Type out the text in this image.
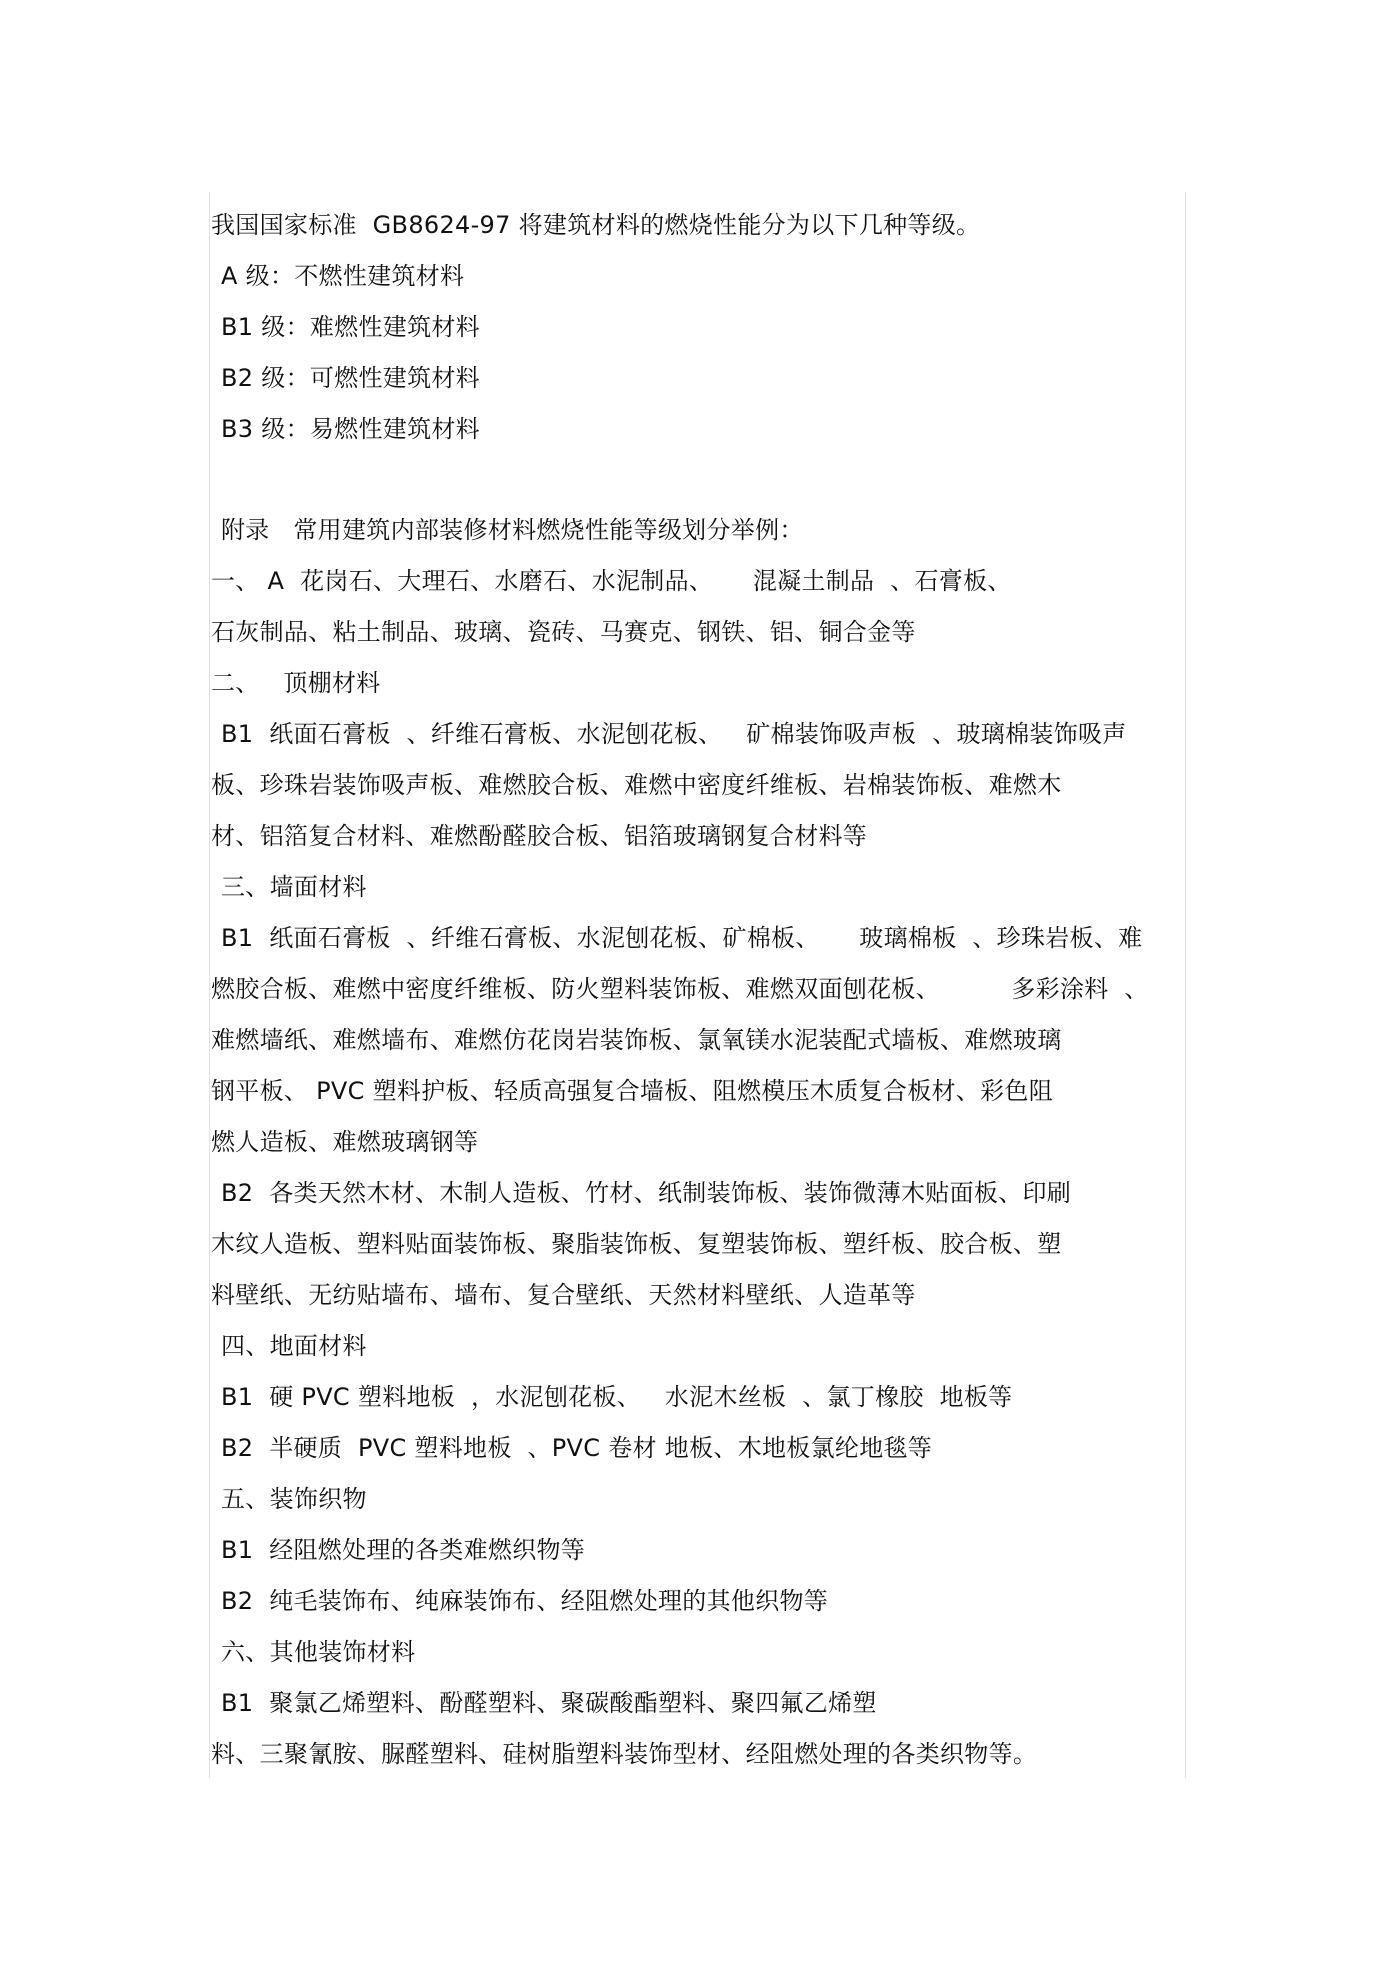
我国国家标准  GB8624-97 将建筑材料的燃烧性能分为以下几种等级。
A 级：不燃性建筑材料
B1 级：难燃性建筑材料
B2 级：可燃性建筑材料
B3 级：易燃性建筑材料
附录   常用建筑内部装修材料燃烧性能等级划分举例：
一、 A  花岗石、大理石、水磨石、水泥制品、     混凝土制品  、石膏板、
石灰制品、粘土制品、玻璃、瓷砖、马赛克、钢铁、铝、铜合金等
二、   顶棚材料
B1  纸面石膏板  、纤维石膏板、水泥刨花板、   矿棉装饰吸声板  、玻璃棉装饰吸声
板、珍珠岩装饰吸声板、难燃胶合板、难燃中密度纤维板、岩棉装饰板、难燃木
材、铝箔复合材料、难燃酚醛胶合板、铝箔玻璃钢复合材料等
三、墙面材料
B1  纸面石膏板  、纤维石膏板、水泥刨花板、矿棉板、     玻璃棉板  、珍珠岩板、难
燃胶合板、难燃中密度纤维板、防火塑料装饰板、难燃双面刨花板、         多彩涂料  、
难燃墙纸、难燃墙布、难燃仿花岗岩装饰板、氯氧镁水泥装配式墙板、难燃玻璃
钢平板、 PVC 塑料护板、轻质高强复合墙板、阻燃模压木质复合板材、彩色阻
燃人造板、难燃玻璃钢等
B2  各类天然木材、木制人造板、竹材、纸制装饰板、装饰微薄木贴面板、印刷
木纹人造板、塑料贴面装饰板、聚脂装饰板、复塑装饰板、塑纤板、胶合板、塑
料壁纸、无纺贴墙布、墙布、复合壁纸、天然材料壁纸、人造革等
四、地面材料
B1  硬 PVC 塑料地板  ，水泥刨花板、   水泥木丝板  、氯丁橡胶  地板等
B2  半硬质  PVC 塑料地板  、PVC 卷材 地板、木地板氯纶地毯等
五、装饰织物
B1  经阻燃处理的各类难燃织物等
B2  纯毛装饰布、纯麻装饰布、经阻燃处理的其他织物等
六、其他装饰材料
B1  聚氯乙烯塑料、酚醛塑料、聚碳酸酯塑料、聚四氟乙烯塑
料、三聚氰胺、脲醛塑料、硅树脂塑料装饰型材、经阻燃处理的各类织物等。
